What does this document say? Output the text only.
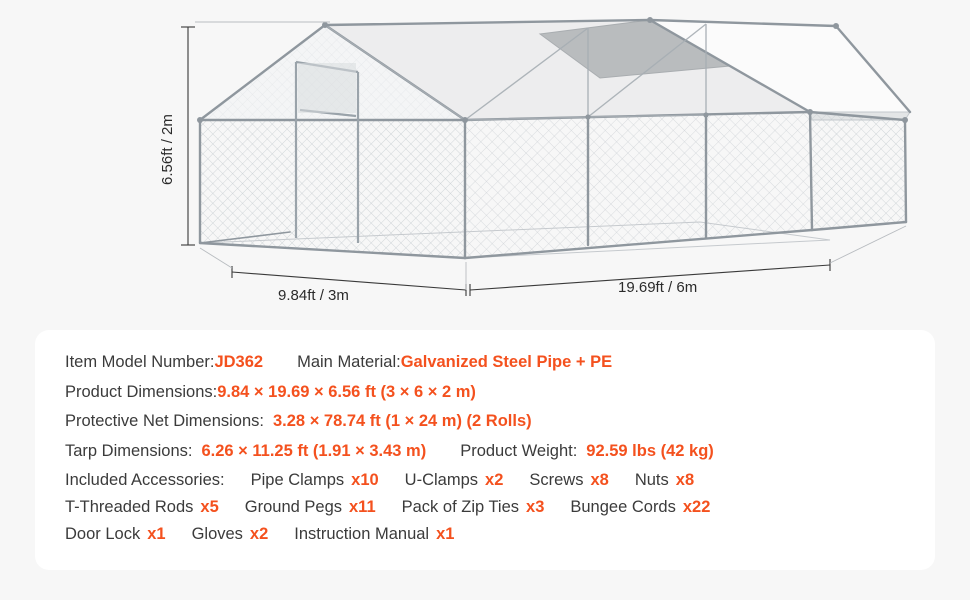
6.56ft / 2m
9.84ft / 3m	19.69ft / 6m
Item Model Number: JD362 Main Material: Galvanized Steel Pipe + PE
Product Dimensions: 9.84 × 19.69 × 6.56 ft (3 × 6 × 2 m)
Protective Net Dimensions: 3.28 × 78.74 ft (1 × 24 m) (2 Rolls)
Tarp Dimensions: 6.26 × 11.25 ft (1.91 × 3.43 m) Product Weight: 92.59 lbs (42 kg)
Included Accessories: Pipe Clamps x10 U-Clamps x2 Screws x8 Nuts x8
T-Threaded Rods x5 Ground Pegs x11 Pack of Zip Ties x3 Bungee Cords x22
Door Lock x1 Gloves x2 Instruction Manual x1
